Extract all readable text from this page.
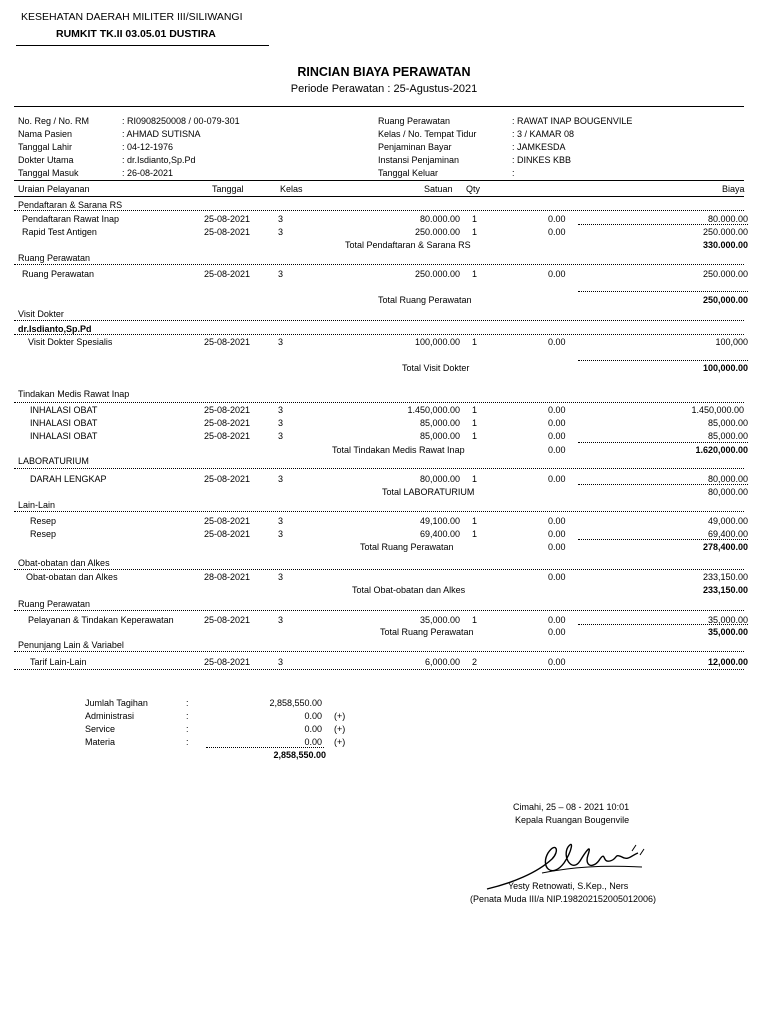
KESEHATAN DAERAH MILITER III/SILIWANGI
RUMKIT TK.II 03.05.01 DUSTIRA
RINCIAN BIAYA PERAWATAN
Periode Perawatan : 25-Agustus-2021
No. Reg / No. RM	: RI0908250008 / 00-079-301
Nama Pasien	: AHMAD SUTISNA
Tanggal Lahir	: 04-12-1976
Dokter Utama	: dr.Isdianto,Sp.Pd
Tanggal Masuk	: 26-08-2021
Ruang Perawatan	: RAWAT INAP BOUGENVILE
Kelas / No. Tempat Tidur	: 3 / KAMAR 08
Penjaminan Bayar	: JAMKESDA
Instansi Penjaminan	: DINKES KBB
Tanggal Keluar	:
Uraian Pelayanan	Tanggal	Kelas	Satuan Qty	Biaya
Pendaftaran & Sarana RS
Pendaftaran Rawat Inap	25-08-2021	3	80.000.00 1	0.00	80.000.00
Rapid Test Antigen	25-08-2021	3	250.000.00 1	0.00	250.000.00
Total Pendaftaran & Sarana RS	330.000.00
Ruang Perawatan
Ruang Perawatan	25-08-2021	3	250.000.00 1	0.00	250.000.00
Total Ruang Perawatan	250,000.00
Visit Dokter
dr.Isdianto,Sp.Pd
Visit Dokter Spesialis	25-08-2021	3	100,000.00 1	0.00	100,000
Total Visit Dokter	100,000.00
Tindakan Medis Rawat Inap
INHALASI OBAT	25-08-2021	3	1.450,000.00 1	0.00	1.450,000.00
INHALASI OBAT	25-08-2021	3	85,000.00 1	0.00	85,000.00
INHALASI OBAT	25-08-2021	3	85,000.00 1	0.00	85,000.00
Total Tindakan Medis Rawat Inap	0.00	1.620,000.00
LABORATURIUM
DARAH LENGKAP	25-08-2021	3	80,000.00 1	0.00	80,000.00
Total LABORATURIUM	80,000.00
Lain-Lain
Resep	25-08-2021	3	49,100.00 1	0.00	49,000.00
Resep	25-08-2021	3	69,400.00 1	0.00	69,400.00
Total Ruang Perawatan	0.00	278,400.00
Obat-obatan dan Alkes
Obat-obatan dan Alkes	28-08-2021	3	0.00	233,150.00
Total Obat-obatan dan Alkes	233,150.00
Ruang Perawatan
Pelayanan & Tindakan Keperawatan	25-08-2021	3	35,000.00 1	0.00	35,000.00
Total Ruang Perawatan	0.00	35,000.00
Penunjang Lain & Variabel
Tarif Lain-Lain	25-08-2021	3	6,000.00 2	0.00	12,000.00
Jumlah Tagihan	:	2,858,550.00
Administrasi	:	0.00 (+)
Service	:	0.00 (+)
Materia	:	0.00 (+)
2,858,550.00
Cimahi, 25 – 08 - 2021 10:01
Kepala Ruangan Bougenvile
Yesty Retnowati, S.Kep., Ners
(Penata Muda III/a NIP.198202152005012006)
